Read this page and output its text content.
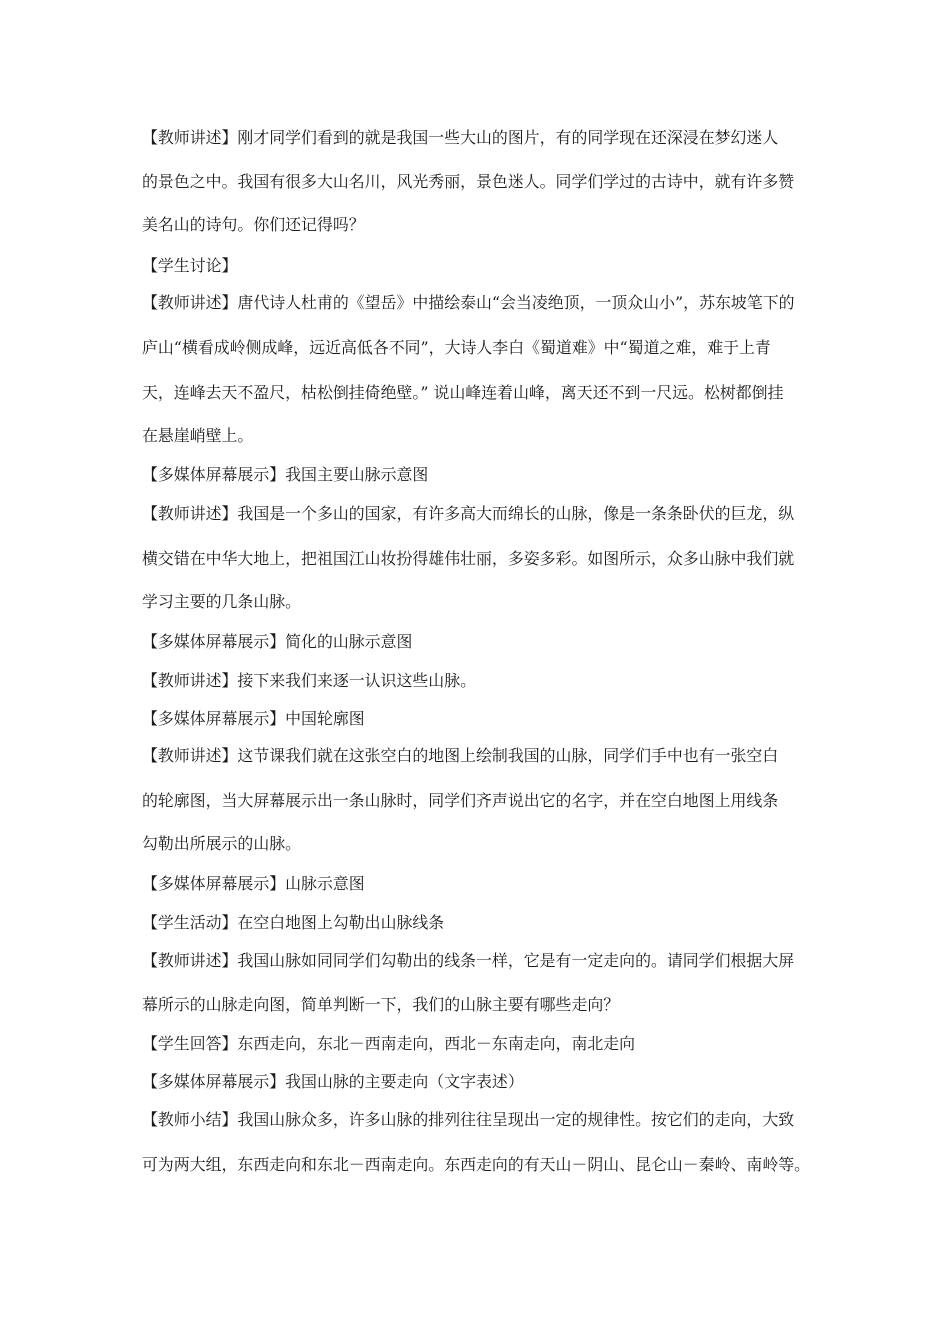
【教师讲述】刚才同学们看到的就是我国一些大山的图片，有的同学现在还深浸在梦幻迷人
的景色之中。我国有很多大山名川，风光秀丽，景色迷人。同学们学过的古诗中，就有许多赞
美名山的诗句。你们还记得吗？
【学生讨论】
【教师讲述】唐代诗人杜甫的《望岳》中描绘泰山“会当凌绝顶，一顶众山小”，苏东坡笔下的
庐山“横看成岭侧成峰，远近高低各不同”，大诗人李白《蜀道难》中“蜀道之难，难于上青
天，连峰去天不盈尺，枯松倒挂倚绝壁。” 说山峰连着山峰，离天还不到一尺远。松树都倒挂
在悬崖峭壁上。
【多媒体屏幕展示】我国主要山脉示意图
【教师讲述】我国是一个多山的国家，有许多高大而绵长的山脉，像是一条条卧伏的巨龙，纵
横交错在中华大地上，把祖国江山妆扮得雄伟壮丽，多姿多彩。如图所示，众多山脉中我们就
学习主要的几条山脉。
【多媒体屏幕展示】简化的山脉示意图
【教师讲述】接下来我们来逐一认识这些山脉。
【多媒体屏幕展示】中国轮廓图
【教师讲述】这节课我们就在这张空白的地图上绘制我国的山脉，同学们手中也有一张空白
的轮廓图，当大屏幕展示出一条山脉时，同学们齐声说出它的名字，并在空白地图上用线条
勾勒出所展示的山脉。
【多媒体屏幕展示】山脉示意图
【学生活动】在空白地图上勾勒出山脉线条
【教师讲述】我国山脉如同同学们勾勒出的线条一样，它是有一定走向的。请同学们根据大屏
幕所示的山脉走向图，简单判断一下，我们的山脉主要有哪些走向？
【学生回答】东西走向，东北－西南走向，西北－东南走向，南北走向
【多媒体屏幕展示】我国山脉的主要走向（文字表述）
【教师小结】我国山脉众多，许多山脉的排列往往呈现出一定的规律性。按它们的走向，大致
可为两大组，东西走向和东北－西南走向。东西走向的有天山－阴山、昆仑山－秦岭、南岭等。
